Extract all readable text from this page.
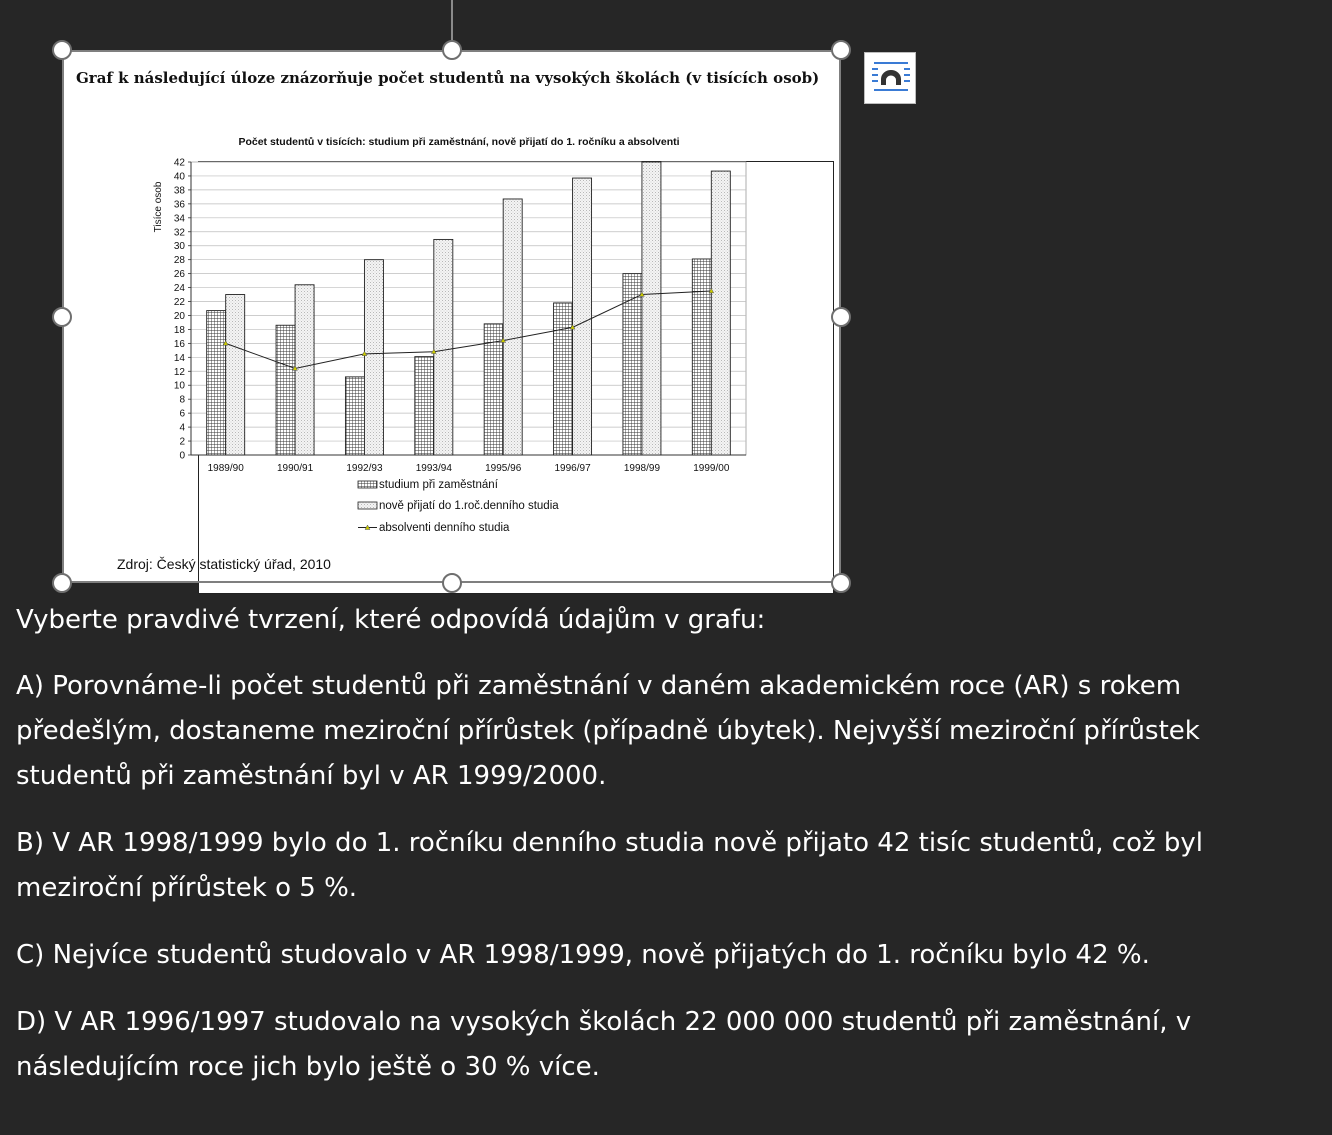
Graf k následující úloze znázorňuje počet studentů na vysokých školách (v tisících osob)
Zdroj: Český statistický úřad, 2010
Počet studentů v tisících: studium při zaměstnání, nově přijatí do 1. ročníku a absolventi
Tisíce osob
0
2
4
6
8
10
12
14
16
18
20
22
24
26
28
30
32
34
36
38
40
42
1989/90	1990/91	1992/93	1993/94	1995/96	1996/97	1998/99	1999/00
studium při zaměstnání
nově přijatí do 1.roč.denního studia
absolventi denního studia

Vyberte pravdivé tvrzení, které odpovídá údajům v grafu:

A) Porovnáme-li počet studentů při zaměstnání v daném akademickém roce (AR) s rokem předešlým, dostaneme meziroční přírůstek (případně úbytek). Nejvyšší meziroční přírůstek studentů při zaměstnání byl v AR 1999/2000.

B) V AR 1998/1999 bylo do 1. ročníku denního studia nově přijato 42 tisíc studentů, což byl meziroční přírůstek o 5 %.

C) Nejvíce studentů studovalo v AR 1998/1999, nově přijatých do 1. ročníku bylo 42 %.

D) V AR 1996/1997 studovalo na vysokých školách 22 000 000 studentů při zaměstnání, v následujícím roce jich bylo ještě o 30 % více.
